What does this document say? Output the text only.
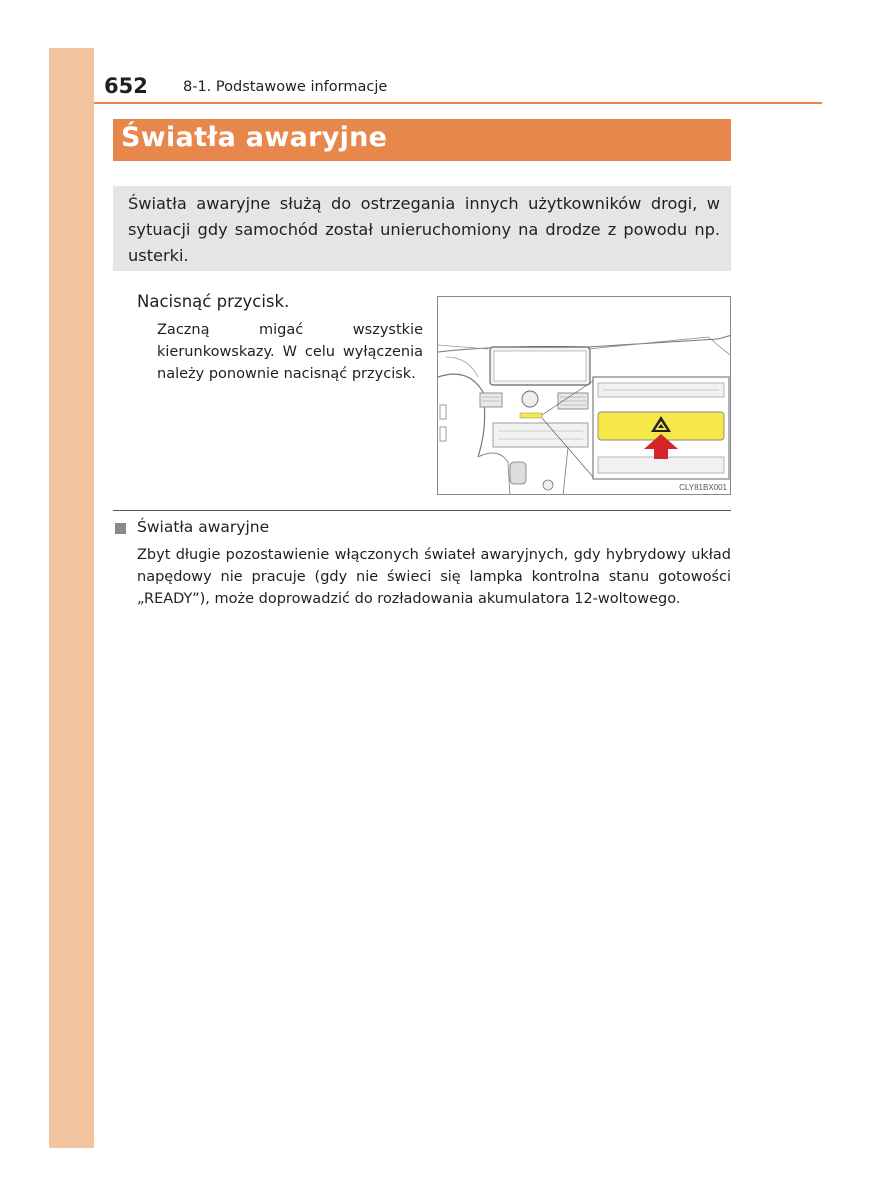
652 8-1. Podstawowe informacje
Światła awaryjne
Światła awaryjne służą do ostrzegania innych użytkowników drogi, w sytuacji gdy samochód został unieruchomiony na drodze z powodu np. usterki.
Nacisnąć przycisk.
Zaczną migać wszystkie kierunkowskazy. W celu wyłączenia należy ponownie nacisnąć przycisk.
CLY81BX001
Światła awaryjne
Zbyt długie pozostawienie włączonych świateł awaryjnych, gdy hybrydowy układ napędowy nie pracuje (gdy nie świeci się lampka kontrolna stanu gotowości „READY”), może doprowadzić do rozładowania akumulatora 12-woltowego.
